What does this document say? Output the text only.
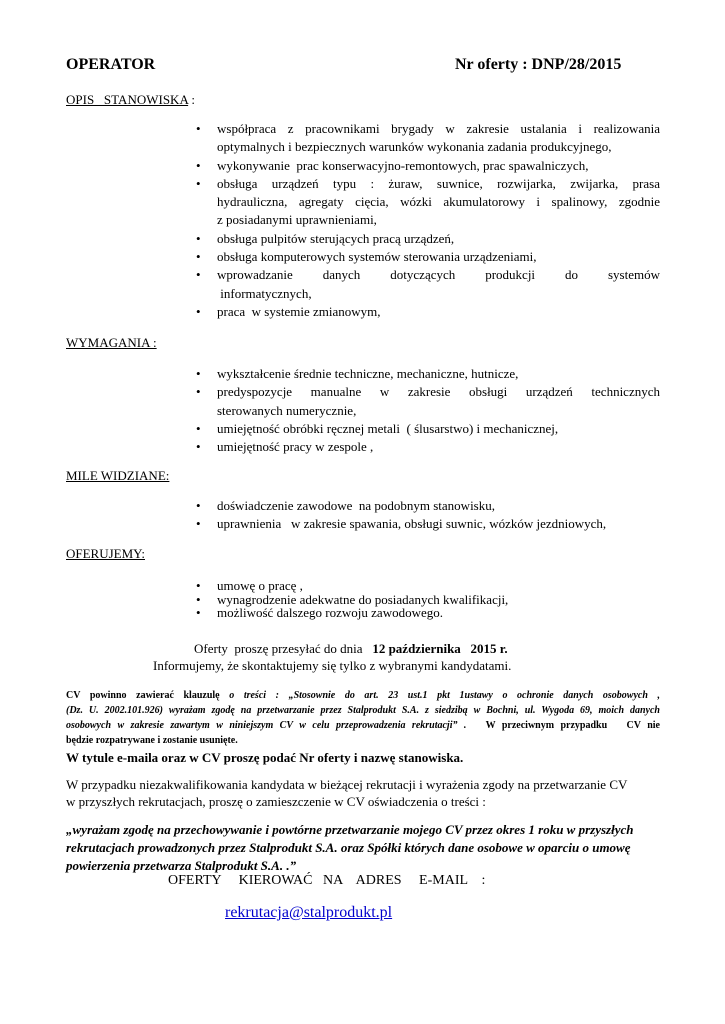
OPERATOR	Nr oferty : DNP/28/2015
OPIS   STANOWISKA :
• współpraca z pracownikami brygady w zakresie ustalania i realizowania
optymalnych i bezpiecznych warunków wykonania zadania produkcyjnego,
• wykonywanie  prac konserwacyjno-remontowych, prac spawalniczych,
• obsługa urządzeń typu : żuraw, suwnice, rozwijarka, zwijarka, prasa
hydrauliczna, agregaty cięcia, wózki akumulatorowy i spalinowy, zgodnie
z posiadanymi uprawnieniami,
• obsługa pulpitów sterujących pracą urządzeń,
• obsługa komputerowych systemów sterowania urządzeniami,
• wprowadzanie danych dotyczących produkcji do systemów
informatycznych,
• praca  w systemie zmianowym,
WYMAGANIA :
• wykształcenie średnie techniczne, mechaniczne, hutnicze,
• predyspozycje manualne w zakresie obsługi urządzeń technicznych
sterowanych numerycznie,
• umiejętność obróbki ręcznej metali  ( ślusarstwo) i mechanicznej,
• umiejętność pracy w zespole ,
MILE WIDZIANE:
• doświadczenie zawodowe  na podobnym stanowisku,
• uprawnienia   w zakresie spawania, obsługi suwnic, wózków jezdniowych,
OFERUJEMY:
• umowę o pracę ,
• wynagrodzenie adekwatne do posiadanych kwalifikacji,
• możliwość dalszego rozwoju zawodowego.
Oferty  proszę przesyłać do dnia   12 października   2015 r.
Informujemy, że skontaktujemy się tylko z wybranymi kandydatami.
CV powinno zawierać klauzulę o treści : „Stosownie do art. 23 ust.1 pkt 1ustawy o ochronie danych osobowych ,
(Dz. U. 2002.101.926) wyrażam zgodę na przetwarzanie przez Stalprodukt S.A. z siedzibą w Bochni, ul. Wygoda 69, moich danych
osobowych w zakresie zawartym w niniejszym CV w celu przeprowadzenia rekrutacji” .   W przeciwnym przypadku   CV nie
będzie rozpatrywane i zostanie usunięte.
W tytule e-maila oraz w CV proszę podać Nr oferty i nazwę stanowiska.
W przypadku niezakwalifikowania kandydata w bieżącej rekrutacji i wyrażenia zgody na przetwarzanie CV
w przyszłych rekrutacjach, proszę o zamieszczenie w CV oświadczenia o treści :
„wyrażam zgodę na przechowywanie i powtórne przetwarzanie mojego CV przez okres 1 roku w przyszłych
rekrutacjach prowadzonych przez Stalprodukt S.A. oraz Spółki których dane osobowe w oparciu o umowę
powierzenia przetwarza Stalprodukt S.A. .”
OFERTY     KIEROWAĆ   NA    ADRES     E-MAIL    :
rekrutacja@stalprodukt.pl
